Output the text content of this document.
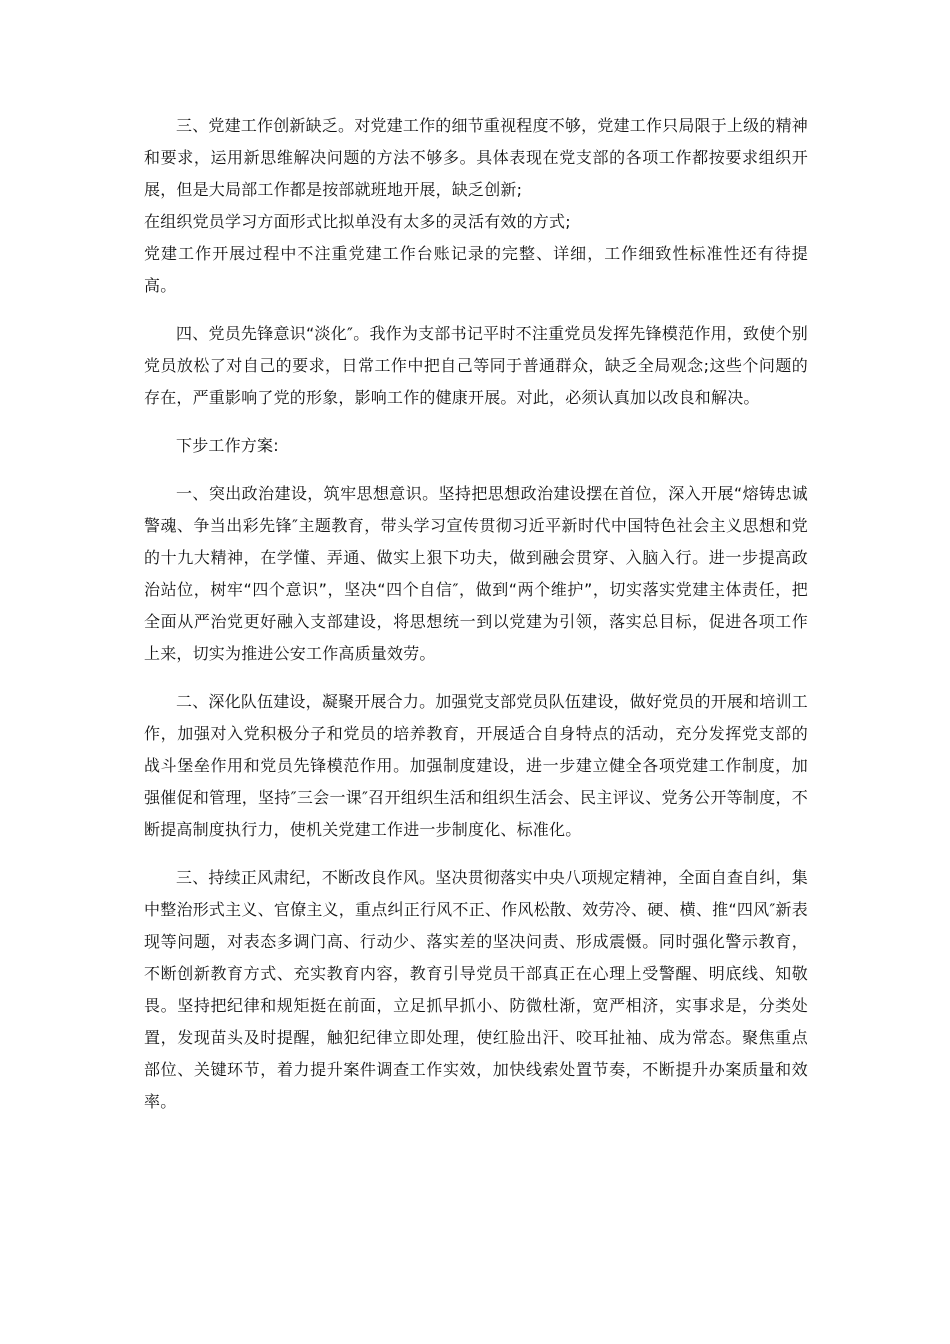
三、党建工作创新缺乏。对党建工作的细节重视程度不够，党建工作只局限于上级的精神和要求，运用新思维解决问题的方法不够多。具体表现在党支部的各项工作都按要求组织开展，但是大局部工作都是按部就班地开展，缺乏创新;

在组织党员学习方面形式比拟单没有太多的灵活有效的方式;

党建工作开展过程中不注重党建工作台账记录的完整、详细，工作细致性标准性还有待提高。

四、党员先锋意识“淡化″。我作为支部书记平时不注重党员发挥先锋模范作用，致使个别党员放松了对自己的要求，日常工作中把自己等同于普通群众，缺乏全局观念;这些个问题的存在，严重影响了党的形象，影响工作的健康开展。对此，必须认真加以改良和解决。

下步工作方案:

一、突出政治建设，筑牢思想意识。坚持把思想政治建设摆在首位，深入开展“熔铸忠诚警魂、争当出彩先锋″主题教育，带头学习宣传贯彻习近平新时代中国特色社会主义思想和党的十九大精神，在学懂、弄通、做实上狠下功夫，做到融会贯穿、入脑入行。进一步提高政治站位，树牢“四个意识”，坚决“四个自信″，做到“两个维护”，切实落实党建主体责任，把全面从严治党更好融入支部建设，将思想统一到以党建为引领，落实总目标，促进各项工作上来，切实为推进公安工作高质量效劳。

二、深化队伍建设，凝聚开展合力。加强党支部党员队伍建设，做好党员的开展和培训工作，加强对入党积极分子和党员的培养教育，开展适合自身特点的活动，充分发挥党支部的战斗堡垒作用和党员先锋模范作用。加强制度建设，进一步建立健全各项党建工作制度，加强催促和管理，坚持″三会一课″召开组织生活和组织生活会、民主评议、党务公开等制度，不断提高制度执行力，使机关党建工作进一步制度化、标准化。

三、持续正风肃纪，不断改良作风。坚决贯彻落实中央八项规定精神，全面自查自纠，集中整治形式主义、官僚主义，重点纠正行风不正、作风松散、效劳冷、硬、横、推“四风″新表现等问题，对表态多调门高、行动少、落实差的坚决问责、形成震慑。同时强化警示教育，不断创新教育方式、充实教育内容，教育引导党员干部真正在心理上受警醒、明底线、知敬畏。坚持把纪律和规矩挺在前面，立足抓早抓小、防微杜渐，宽严相济，实事求是，分类处置，发现苗头及时提醒，触犯纪律立即处理，使红脸出汗、咬耳扯袖、成为常态。聚焦重点部位、关键环节，着力提升案件调查工作实效，加快线索处置节奏，不断提升办案质量和效率。
